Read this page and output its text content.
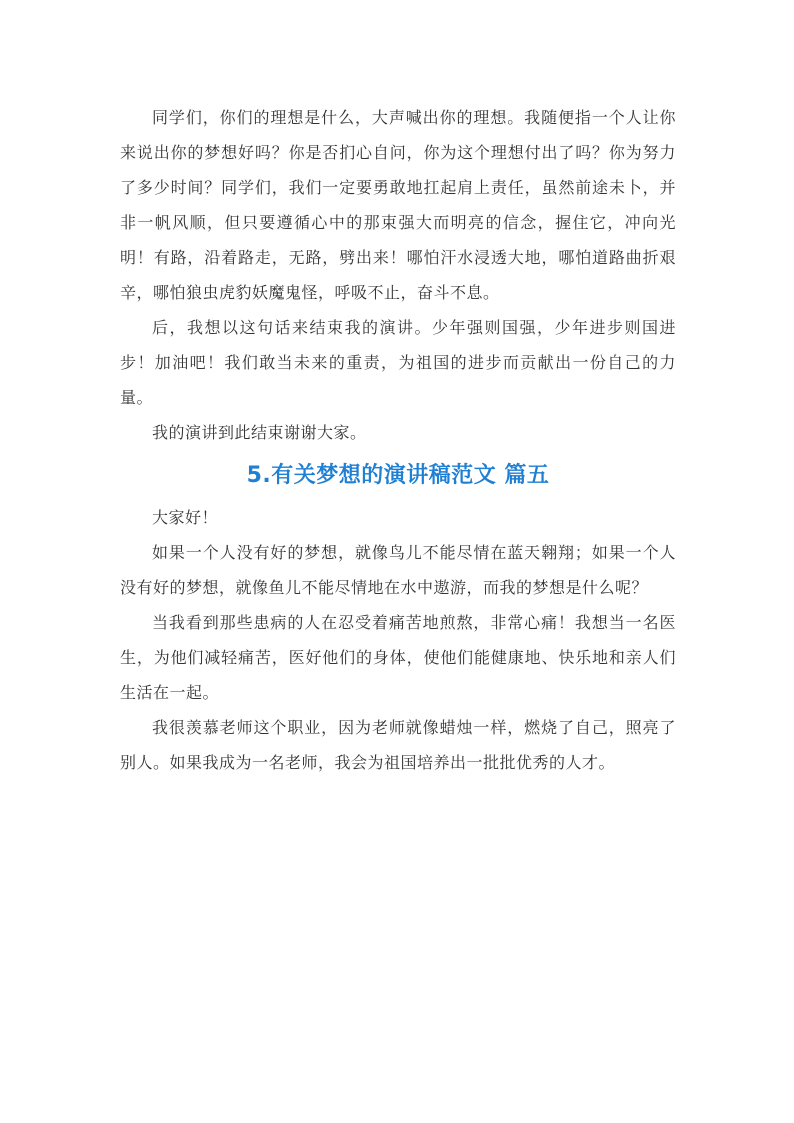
同学们，你们的理想是什么，大声喊出你的理想。我随便指一个人让你来说出你的梦想好吗？你是否扪心自问，你为这个理想付出了吗？你为努力了多少时间？同学们，我们一定要勇敢地扛起肩上责任，虽然前途未卜，并非一帆风顺，但只要遵循心中的那束强大而明亮的信念，握住它，冲向光明！有路，沿着路走，无路，劈出来！哪怕汗水浸透大地，哪怕道路曲折艰辛，哪怕狼虫虎豹妖魔鬼怪，呼吸不止，奋斗不息。

后，我想以这句话来结束我的演讲。少年强则国强，少年进步则国进步！加油吧！我们敢当未来的重责，为祖国的进步而贡献出一份自己的力量。

我的演讲到此结束谢谢大家。

5.有关梦想的演讲稿范文 篇五

大家好！

如果一个人没有好的梦想，就像鸟儿不能尽情在蓝天翱翔；如果一个人没有好的梦想，就像鱼儿不能尽情地在水中遨游，而我的梦想是什么呢？

当我看到那些患病的人在忍受着痛苦地煎熬，非常心痛！我想当一名医生，为他们减轻痛苦，医好他们的身体，使他们能健康地、快乐地和亲人们生活在一起。

我很羡慕老师这个职业，因为老师就像蜡烛一样，燃烧了自己，照亮了别人。如果我成为一名老师，我会为祖国培养出一批批优秀的人才。
